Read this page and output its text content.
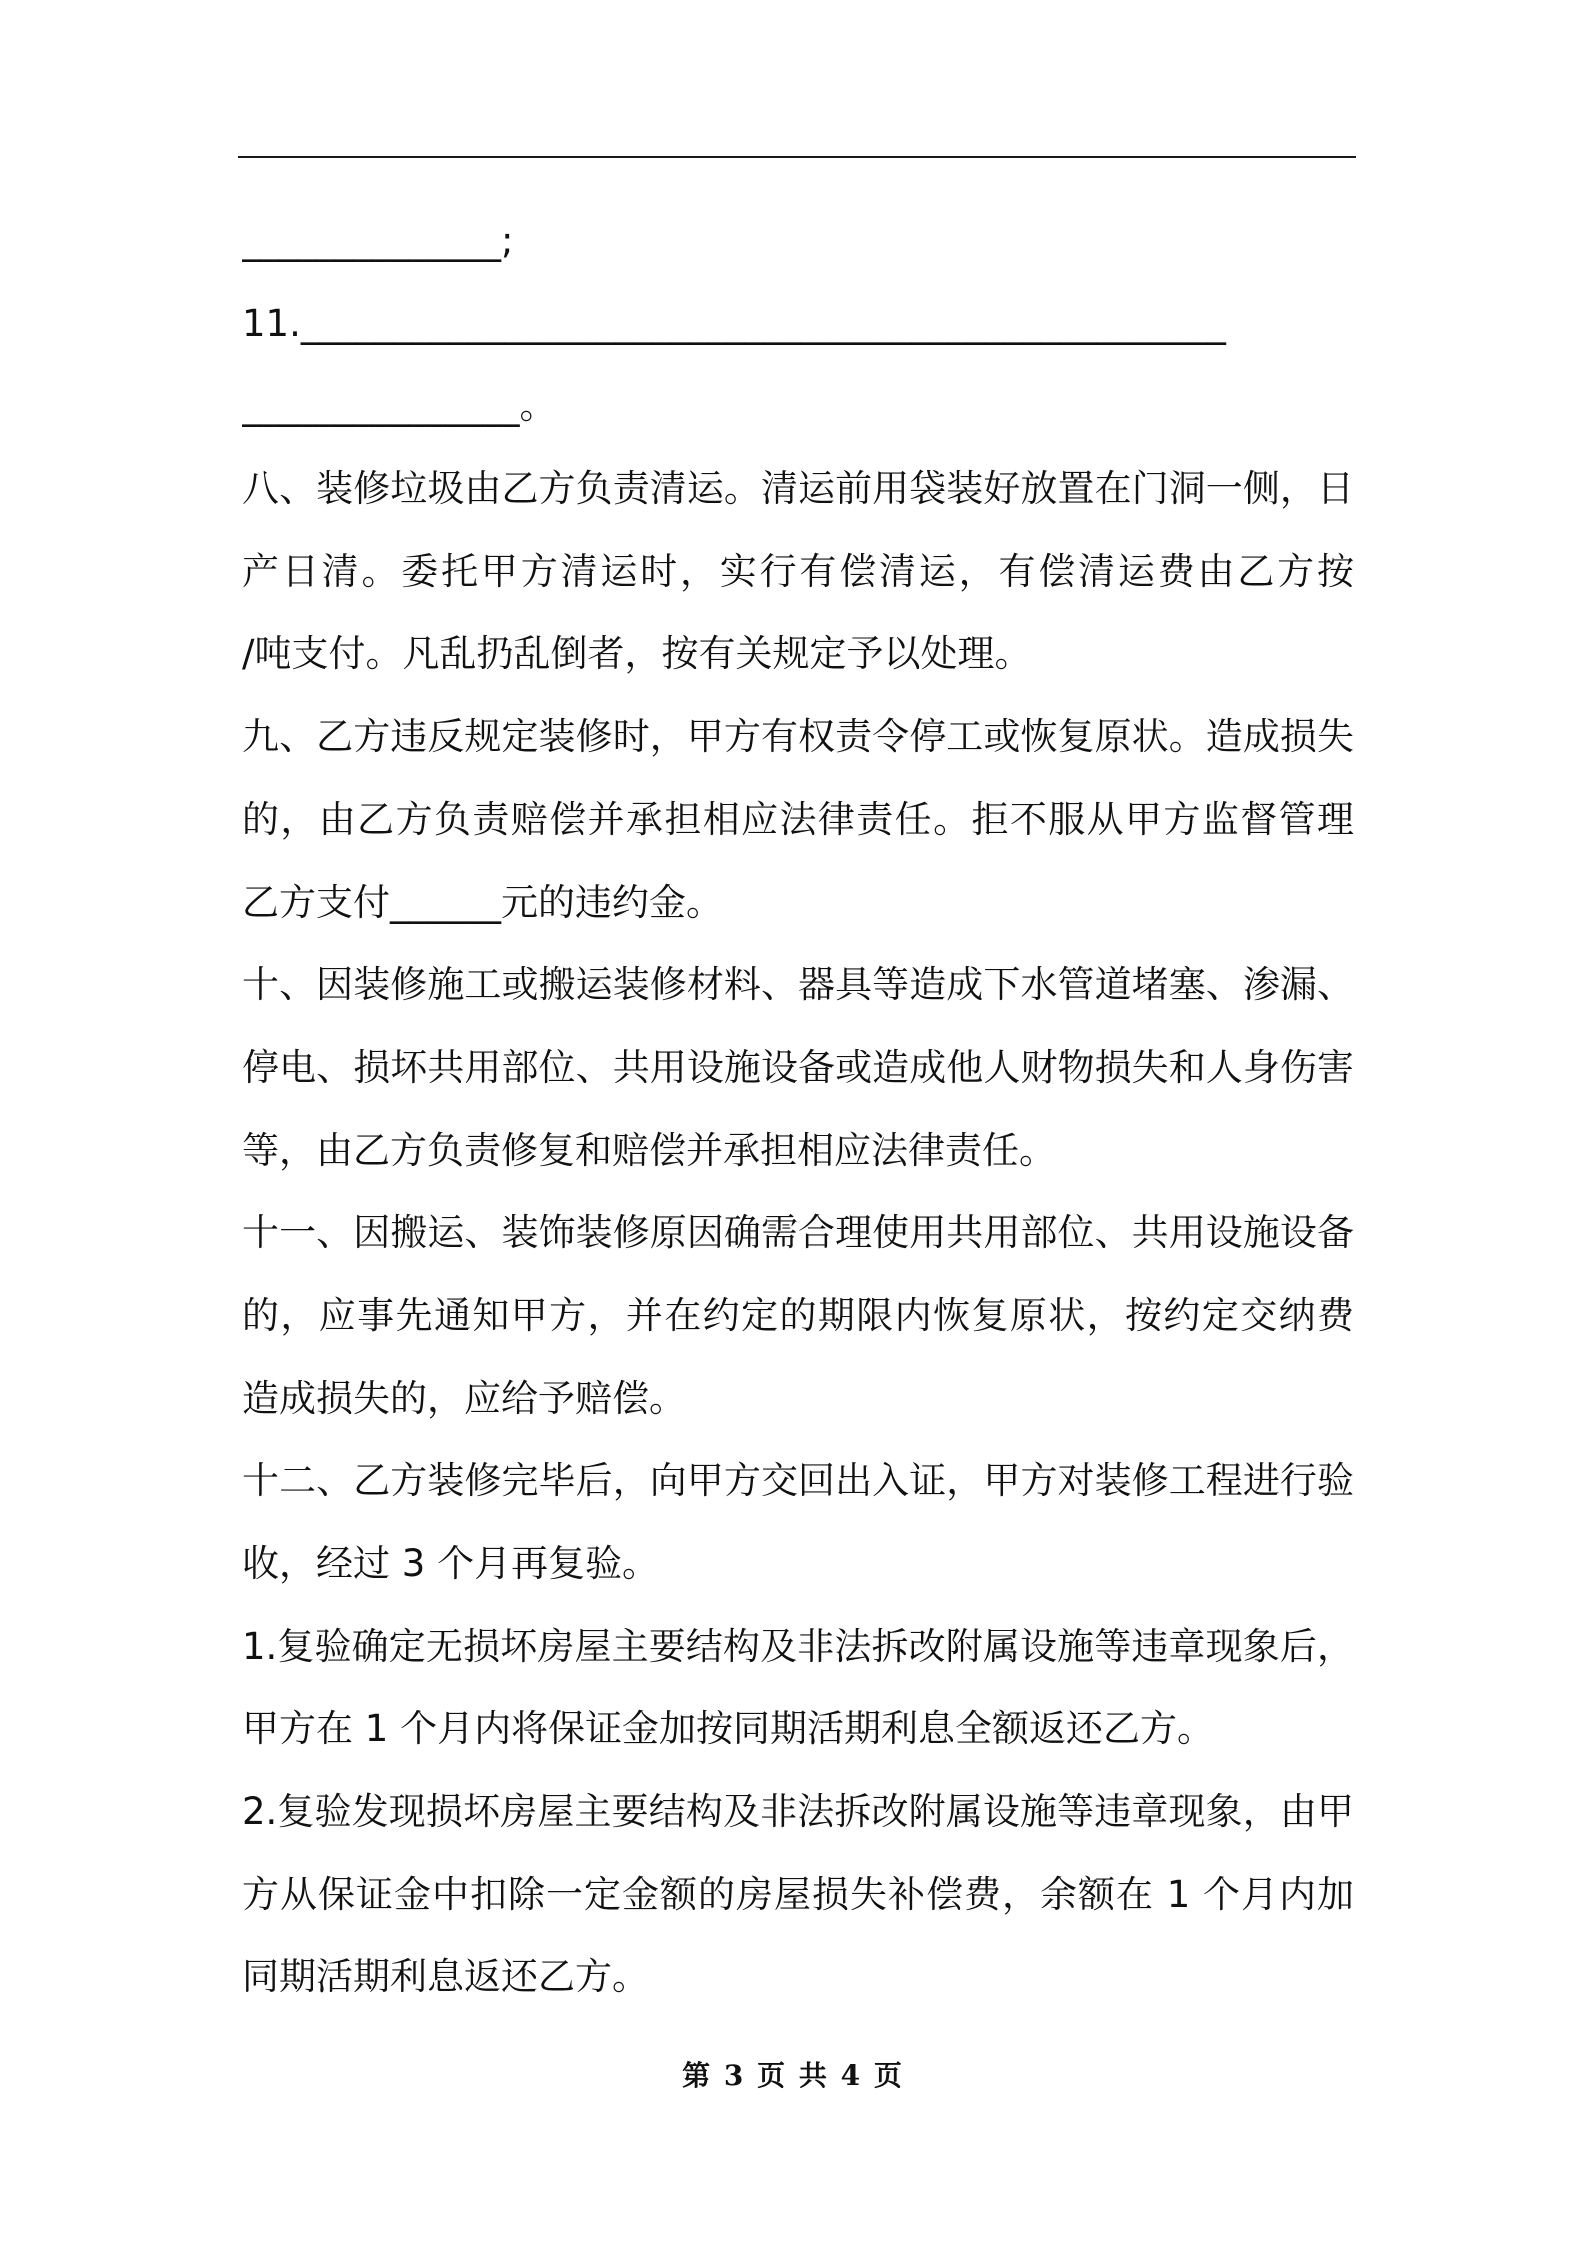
______________;
11.__________________________________________________
_______________。
八、装修垃圾由乙方负责清运。清运前用袋装好放置在门洞一侧，日
产日清。委托甲方清运时，实行有偿清运，有偿清运费由乙方按　　
/吨支付。凡乱扔乱倒者，按有关规定予以处理。
九、乙方违反规定装修时，甲方有权责令停工或恢复原状。造成损失
的，由乙方负责赔偿并承担相应法律责任。拒不服从甲方监督管理
乙方支付______元的违约金。
十、因装修施工或搬运装修材料、器具等造成下水管道堵塞、渗漏、
停电、损坏共用部位、共用设施设备或造成他人财物损失和人身伤害
等，由乙方负责修复和赔偿并承担相应法律责任。
十一、因搬运、装饰装修原因确需合理使用共用部位、共用设施设备
的，应事先通知甲方，并在约定的期限内恢复原状，按约定交纳费
造成损失的，应给予赔偿。
十二、乙方装修完毕后，向甲方交回出入证，甲方对装修工程进行验
收，经过 3 个月再复验。
1.复验确定无损坏房屋主要结构及非法拆改附属设施等违章现象后，
甲方在 1 个月内将保证金加按同期活期利息全额返还乙方。
2.复验发现损坏房屋主要结构及非法拆改附属设施等违章现象，由甲
方从保证金中扣除一定金额的房屋损失补偿费，余额在 1 个月内加
同期活期利息返还乙方。
第 3 页 共 4 页
